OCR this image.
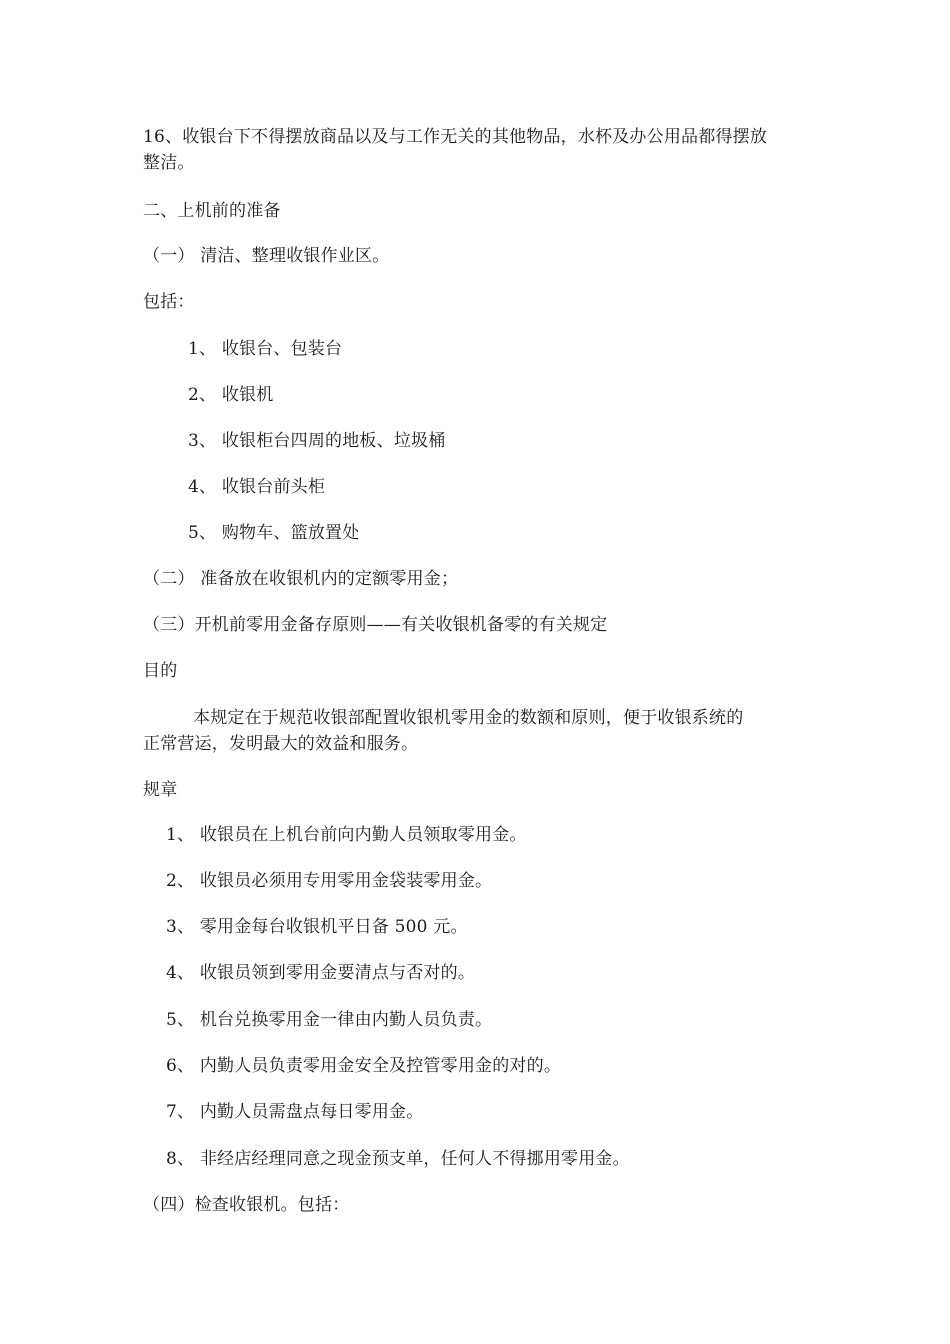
16、收银台下不得摆放商品以及与工作无关的其他物品，水杯及办公用品都得摆放
整洁。
二、上机前的准备
（一） 清洁、整理收银作业区。
包括：
1、 收银台、包装台
2、 收银机
3、 收银柜台四周的地板、垃圾桶
4、 收银台前头柜
5、 购物车、篮放置处
（二） 准备放在收银机内的定额零用金；
（三）开机前零用金备存原则——有关收银机备零的有关规定
目的
本规定在于规范收银部配置收银机零用金的数额和原则，便于收银系统的
正常营运，发明最大的效益和服务。
规章
1、 收银员在上机台前向内勤人员领取零用金。
2、 收银员必须用专用零用金袋装零用金。
3、 零用金每台收银机平日备 500 元。
4、 收银员领到零用金要清点与否对的。
5、 机台兑换零用金一律由内勤人员负责。
6、 内勤人员负责零用金安全及控管零用金的对的。
7、 内勤人员需盘点每日零用金。
8、 非经店经理同意之现金预支单，任何人不得挪用零用金。
（四）检查收银机。包括：
